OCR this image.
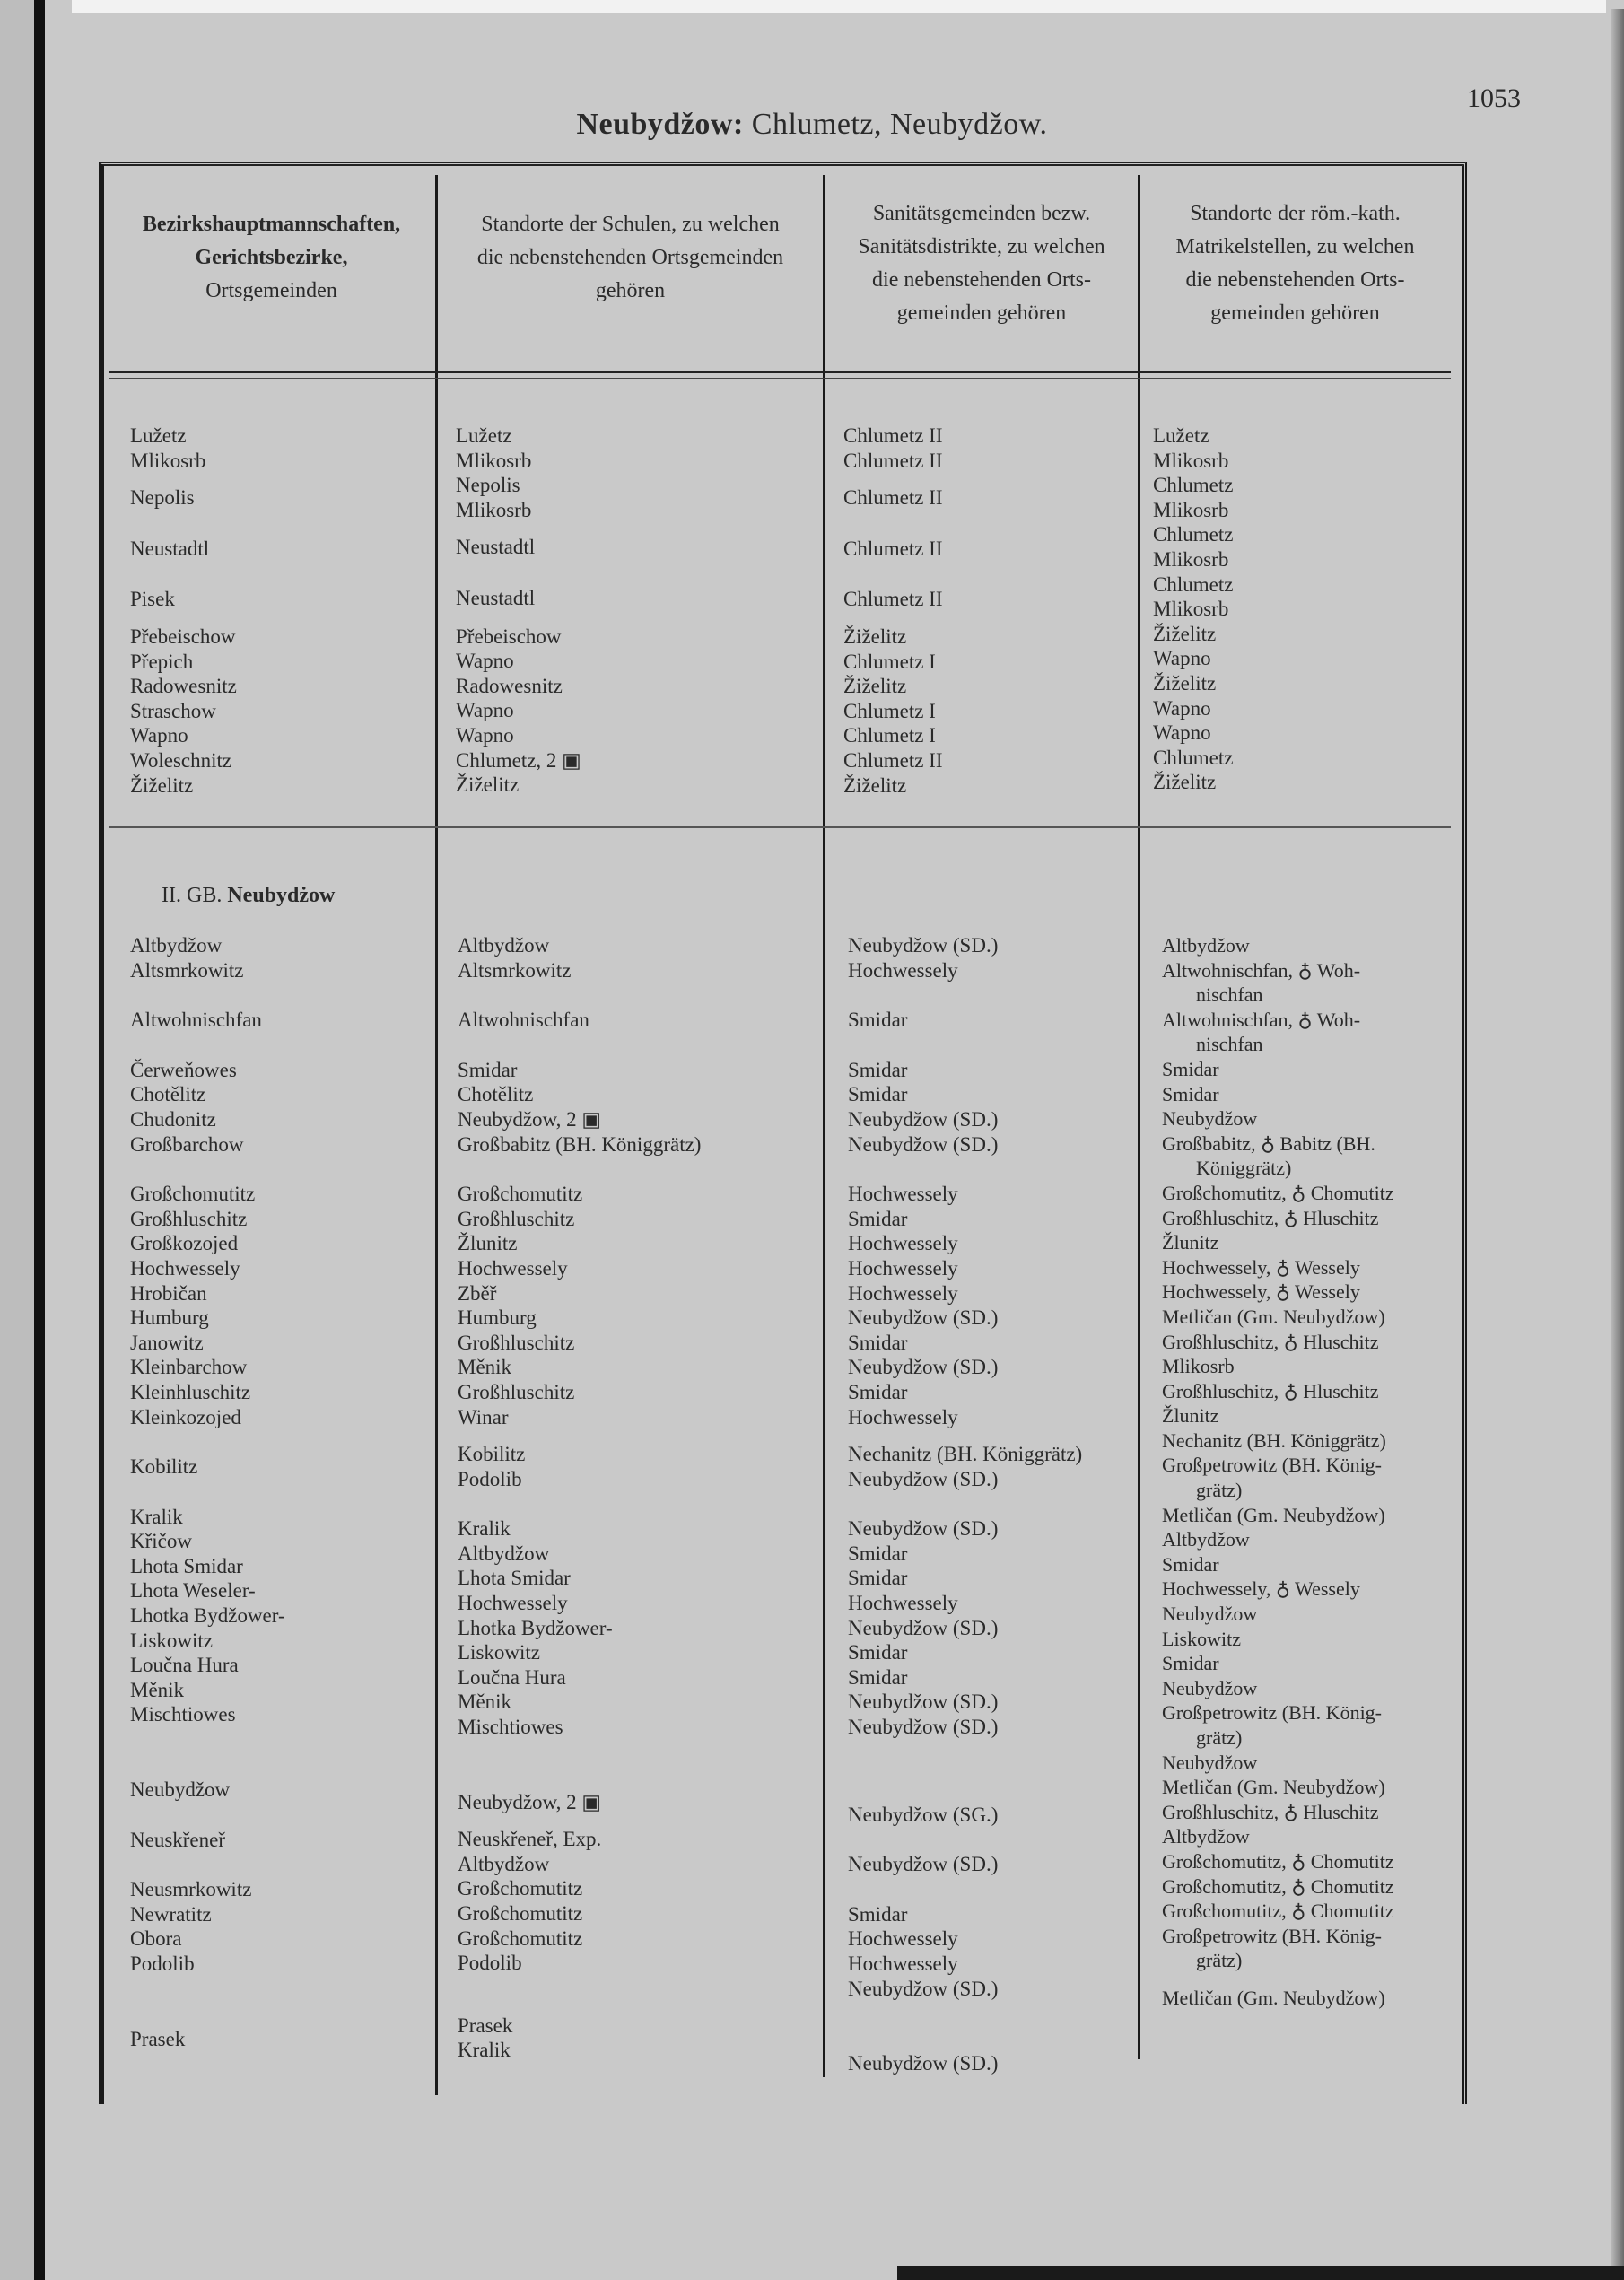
Neubydžow: Chlumetz, Neubydžow.
1053
Bezirkshauptmannschaften,
Gerichtsbezirke,
Ortsgemeinden
Standorte der Schulen, zu welchen
die nebenstehenden Ortsgemeinden
gehören
Sanitätsgemeinden bezw.
Sanitätsdistrikte, zu welchen
die nebenstehenden Orts-
gemeinden gehören
Standorte der röm.-kath.
Matrikelstellen, zu welchen
die nebenstehenden Orts-
gemeinden gehören
Lužetz
Mlikosrb
Nepolis
Neustadtl
Pisek
Přebeischow
Přepich
Radowesnitz
Straschow
Wapno
Woleschnitz
Žiželitz
Lužetz
Mlikosrb
Nepolis
Mlikosrb
Neustadtl
Neustadtl
Přebeischow
Wapno
Radowesnitz
Wapno
Wapno
Chlumetz, 2 ▣
Žiželitz
Chlumetz II
Chlumetz II
Chlumetz II
Chlumetz II
Chlumetz II
Žiželitz
Chlumetz I
Žiželitz
Chlumetz I
Chlumetz I
Chlumetz II
Žiželitz
Lužetz
Mlikosrb
Chlumetz
Mlikosrb
Chlumetz
Mlikosrb
Chlumetz
Mlikosrb
Žiželitz
Wapno
Žiželitz
Wapno
Wapno
Chlumetz
Žiželitz
II. GB. Neubydżow
Altbydžow
Altsmrkowitz
Altwohnischfan
Čerweňowes
Chotělitz
Chudonitz
Großbarchow
Großchomutitz
Großhluschitz
Großkozojed
Hochwessely
Hrobičan
Humburg
Janowitz
Kleinbarchow
Kleinhluschitz
Kleinkozojed
Kobilitz
Kralik
Křičow
Lhota Smidar
Lhota Weseler-
Lhotka Bydžower-
Liskowitz
Loučna Hura
Měnik
Mischtiowes
Neubydžow
Neuskřeneř
Neusmrkowitz
Newratitz
Obora
Podolib
Prasek
Altbydžow
Altsmrkowitz
Altwohnischfan
Smidar
Chotělitz
Neubydžow, 2 ▣
Großbabitz (BH. Königgrätz)
Großchomutitz
Großhluschitz
Žlunitz
Hochwessely
Zběř
Humburg
Großhluschitz
Měnik
Großhluschitz
Winar
Kobilitz
Podolib
Kralik
Altbydžow
Lhota Smidar
Hochwessely
Lhotka Bydžower-
Liskowitz
Loučna Hura
Měnik
Mischtiowes
Neubydžow, 2 ▣
Neuskřeneř, Exp.
Altbydžow
Großchomutitz
Großchomutitz
Großchomutitz
Podolib
Prasek
Kralik
Neubydžow (SD.)
Hochwessely
Smidar
Smidar
Smidar
Neubydžow (SD.)
Neubydžow (SD.)
Hochwessely
Smidar
Hochwessely
Hochwessely
Hochwessely
Neubydžow (SD.)
Smidar
Neubydžow (SD.)
Smidar
Hochwessely
Nechanitz (BH. Königgrätz)
Neubydžow (SD.)
Neubydžow (SD.)
Smidar
Smidar
Hochwessely
Neubydžow (SD.)
Smidar
Smidar
Neubydžow (SD.)
Neubydžow (SD.)
Neubydžow (SG.)
Neubydžow (SD.)
Smidar
Hochwessely
Hochwessely
Neubydžow (SD.)
Neubydžow (SD.)
Altbydžow
Altwohnischfan, ♁ Woh-
nischfan
Altwohnischfan, ♁ Woh-
nischfan
Smidar
Smidar
Neubydžow
Großbabitz, ♁ Babitz (BH.
Königgrätz)
Großchomutitz, ♁ Chomutitz
Großhluschitz, ♁ Hluschitz
Žlunitz
Hochwessely, ♁ Wessely
Hochwessely, ♁ Wessely
Metličan (Gm. Neubydžow)
Großhluschitz, ♁ Hluschitz
Mlikosrb
Großhluschitz, ♁ Hluschitz
Žlunitz
Nechanitz (BH. Königgrätz)
Großpetrowitz (BH. König-
grätz)
Metličan (Gm. Neubydžow)
Altbydžow
Smidar
Hochwessely, ♁ Wessely
Neubydžow
Liskowitz
Smidar
Neubydžow
Großpetrowitz (BH. König-
grätz)
Neubydžow
Metličan (Gm. Neubydžow)
Großhluschitz, ♁ Hluschitz
Altbydžow
Großchomutitz, ♁ Chomutitz
Großchomutitz, ♁ Chomutitz
Großchomutitz, ♁ Chomutitz
Großpetrowitz (BH. König-
grätz)
Metličan (Gm. Neubydžow)
